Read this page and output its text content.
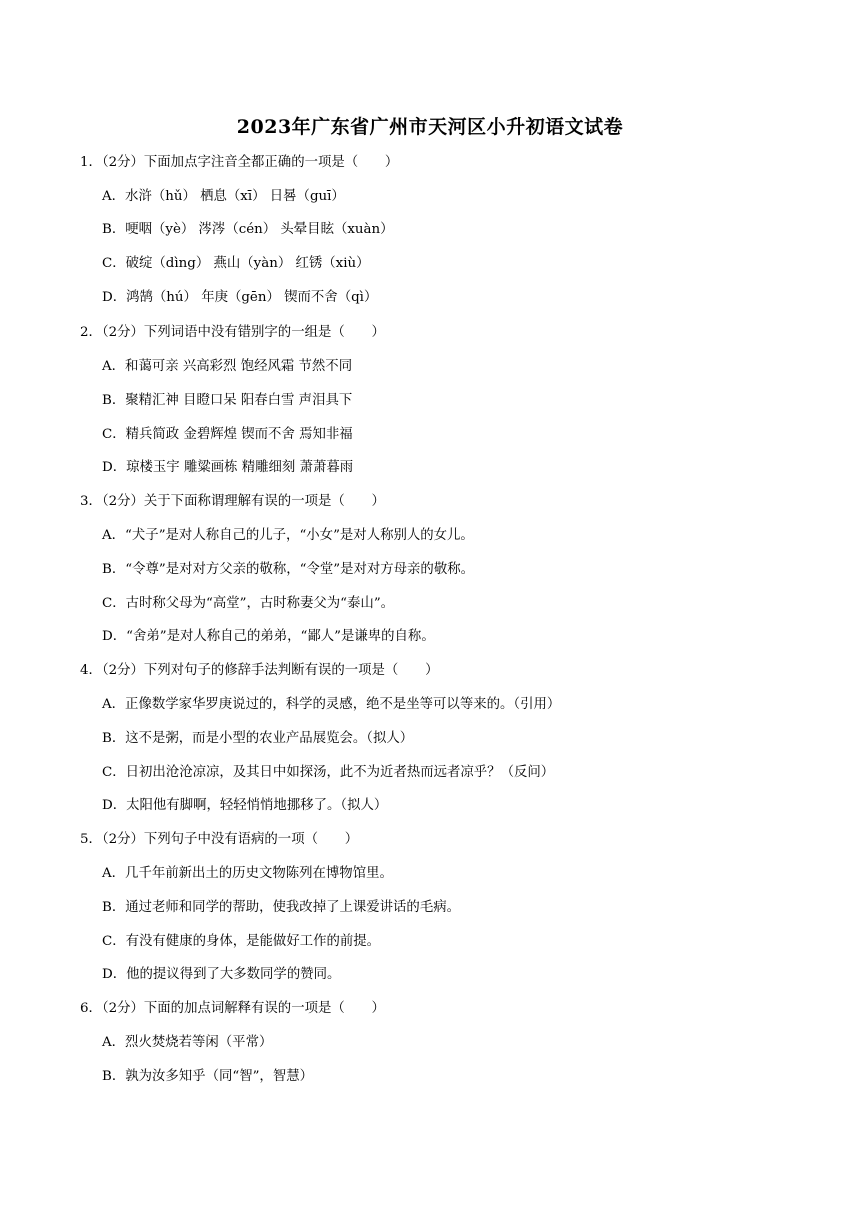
2023年广东省广州市天河区小升初语文试卷
1．（2分）下面加点字注音全都正确的一项是（　　）
A．水浒（hǔ） 栖息（xī） 日晷（guī）
B．哽咽（yè） 涔涔（cén） 头晕目眩（xuàn）
C．破绽（dìng） 燕山（yàn） 红锈（xiù）
D．鸿鹄（hú） 年庚（gēn） 锲而不舍（qì）
2．（2分）下列词语中没有错别字的一组是（　　）
A．和蔼可亲 兴高彩烈 饱经风霜 节然不同
B．聚精汇神 目瞪口呆 阳春白雪 声泪具下
C．精兵简政 金碧辉煌 锲而不舍 焉知非福
D．琼楼玉宇 雕粱画栋 精雕细刻 萧萧暮雨
3．（2分）关于下面称谓理解有误的一项是（　　）
A．“犬子”是对人称自己的儿子，“小女”是对人称别人的女儿。
B．“令尊”是对对方父亲的敬称，“令堂”是对对方母亲的敬称。
C．古时称父母为“高堂”，古时称妻父为“泰山”。
D．“舍弟”是对人称自己的弟弟，“鄙人”是谦卑的自称。
4．（2分）下列对句子的修辞手法判断有误的一项是（　　）
A．正像数学家华罗庚说过的，科学的灵感，绝不是坐等可以等来的。（引用）
B．这不是粥，而是小型的农业产品展览会。（拟人）
C．日初出沧沧凉凉，及其日中如探汤，此不为近者热而远者凉乎？（反问）
D．太阳他有脚啊，轻轻悄悄地挪移了。（拟人）
5．（2分）下列句子中没有语病的一项（　　）
A．几千年前新出土的历史文物陈列在博物馆里。
B．通过老师和同学的帮助，使我改掉了上课爱讲话的毛病。
C．有没有健康的身体，是能做好工作的前提。
D．他的提议得到了大多数同学的赞同。
6．（2分）下面的加点词解释有误的一项是（　　）
A．烈火焚烧若等闲（平常）
B．孰为汝多知乎（同“智”，智慧）
